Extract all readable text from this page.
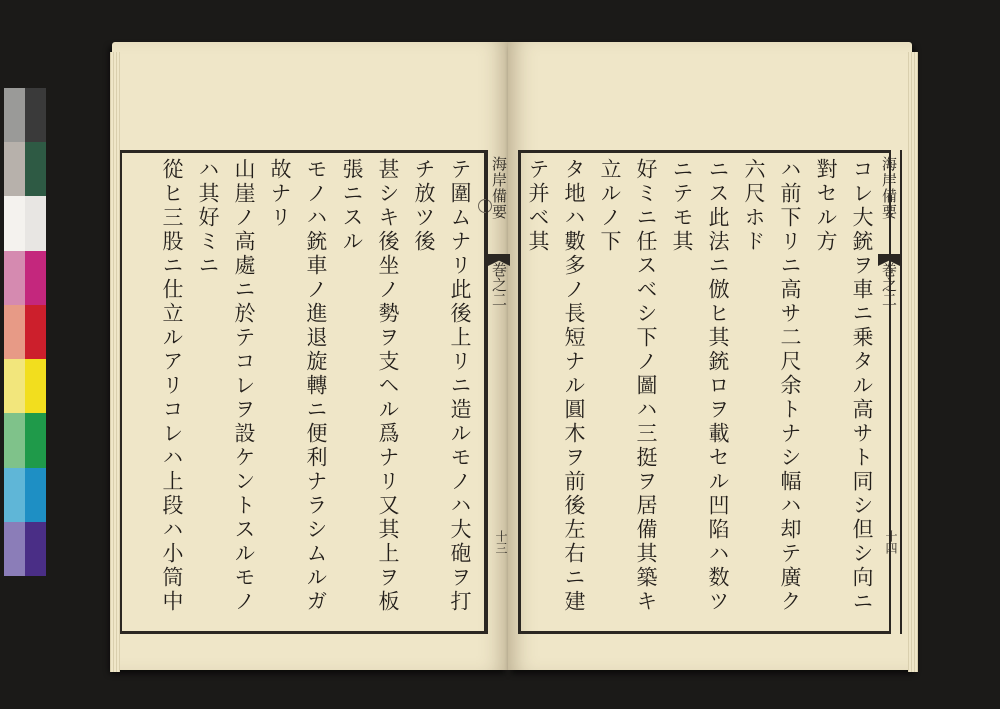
テ圍ムナリ此後上リニ造ルモノハ大砲ヲ打チ放ツ後
甚シキ後坐ノ勢ヲ支ヘル爲ナリ又其上ヲ板張ニスル
モノハ銃車ノ進退旋轉ニ便利ナラシムルガ故ナリ
山崖ノ高處ニ於テコレヲ設ケントスルモノハ其好ミニ
從ヒ三股ニ仕立ルアリコレハ上段ハ小筒中
海岸備要
巻之二
十三	コレ大銃ヲ車ニ乗タル高サト同シ但シ向ニ對セル方
ハ前下リニ高サ二尺余トナシ幅ハ却テ廣ク六尺ホド
ニス此法ニ倣ヒ其銃ロヲ載セル凹陷ハ数ツニテモ其
好ミニ任スベシ下ノ圖ハ三挺ヲ居備其築キ立ルノ下
タ地ハ數多ノ長短ナル圓木ヲ前後左右ニ建テ并ベ其	海岸備要
巻之二
十四
